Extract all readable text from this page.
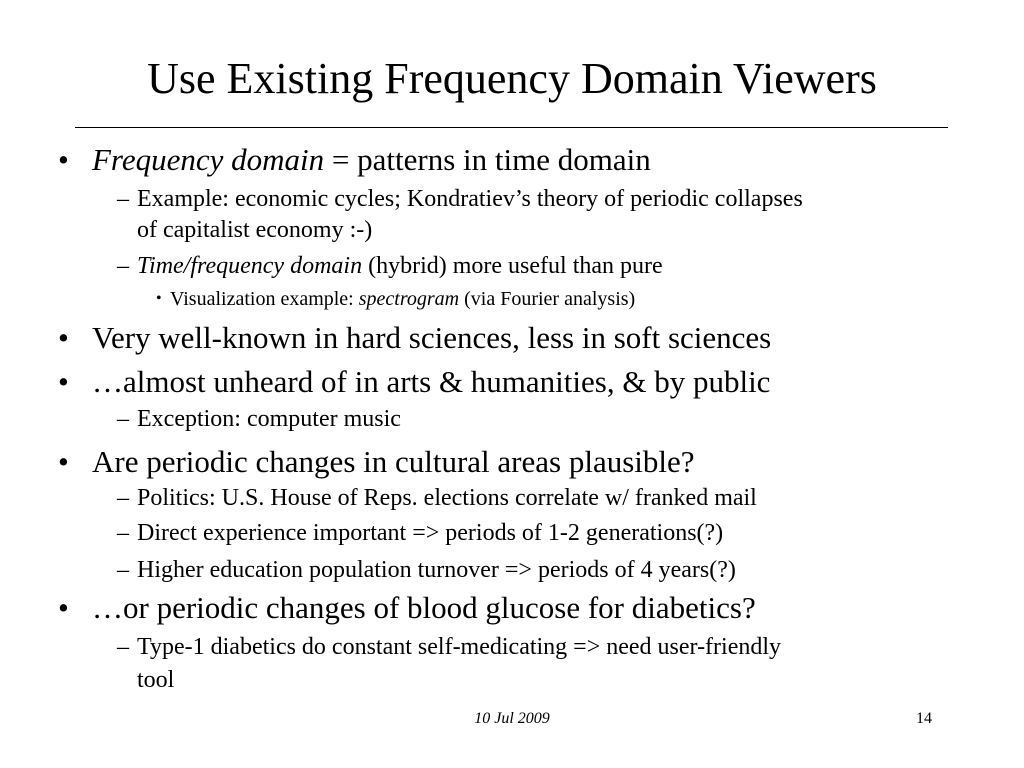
Use Existing Frequency Domain Viewers
• Frequency domain = patterns in time domain
– Example: economic cycles; Kondratiev’s theory of periodic collapses
of capitalist economy :-)
– Time/frequency domain (hybrid) more useful than pure
• Visualization example: spectrogram (via Fourier analysis)
• Very well-known in hard sciences, less in soft sciences
• …almost unheard of in arts & humanities, & by public
– Exception: computer music
• Are periodic changes in cultural areas plausible?
– Politics: U.S. House of Reps. elections correlate w/ franked mail
– Direct experience important => periods of 1-2 generations(?)
– Higher education population turnover => periods of 4 years(?)
• …or periodic changes of blood glucose for diabetics?
– Type-1 diabetics do constant self-medicating => need user-friendly
tool
10 Jul 2009	14
